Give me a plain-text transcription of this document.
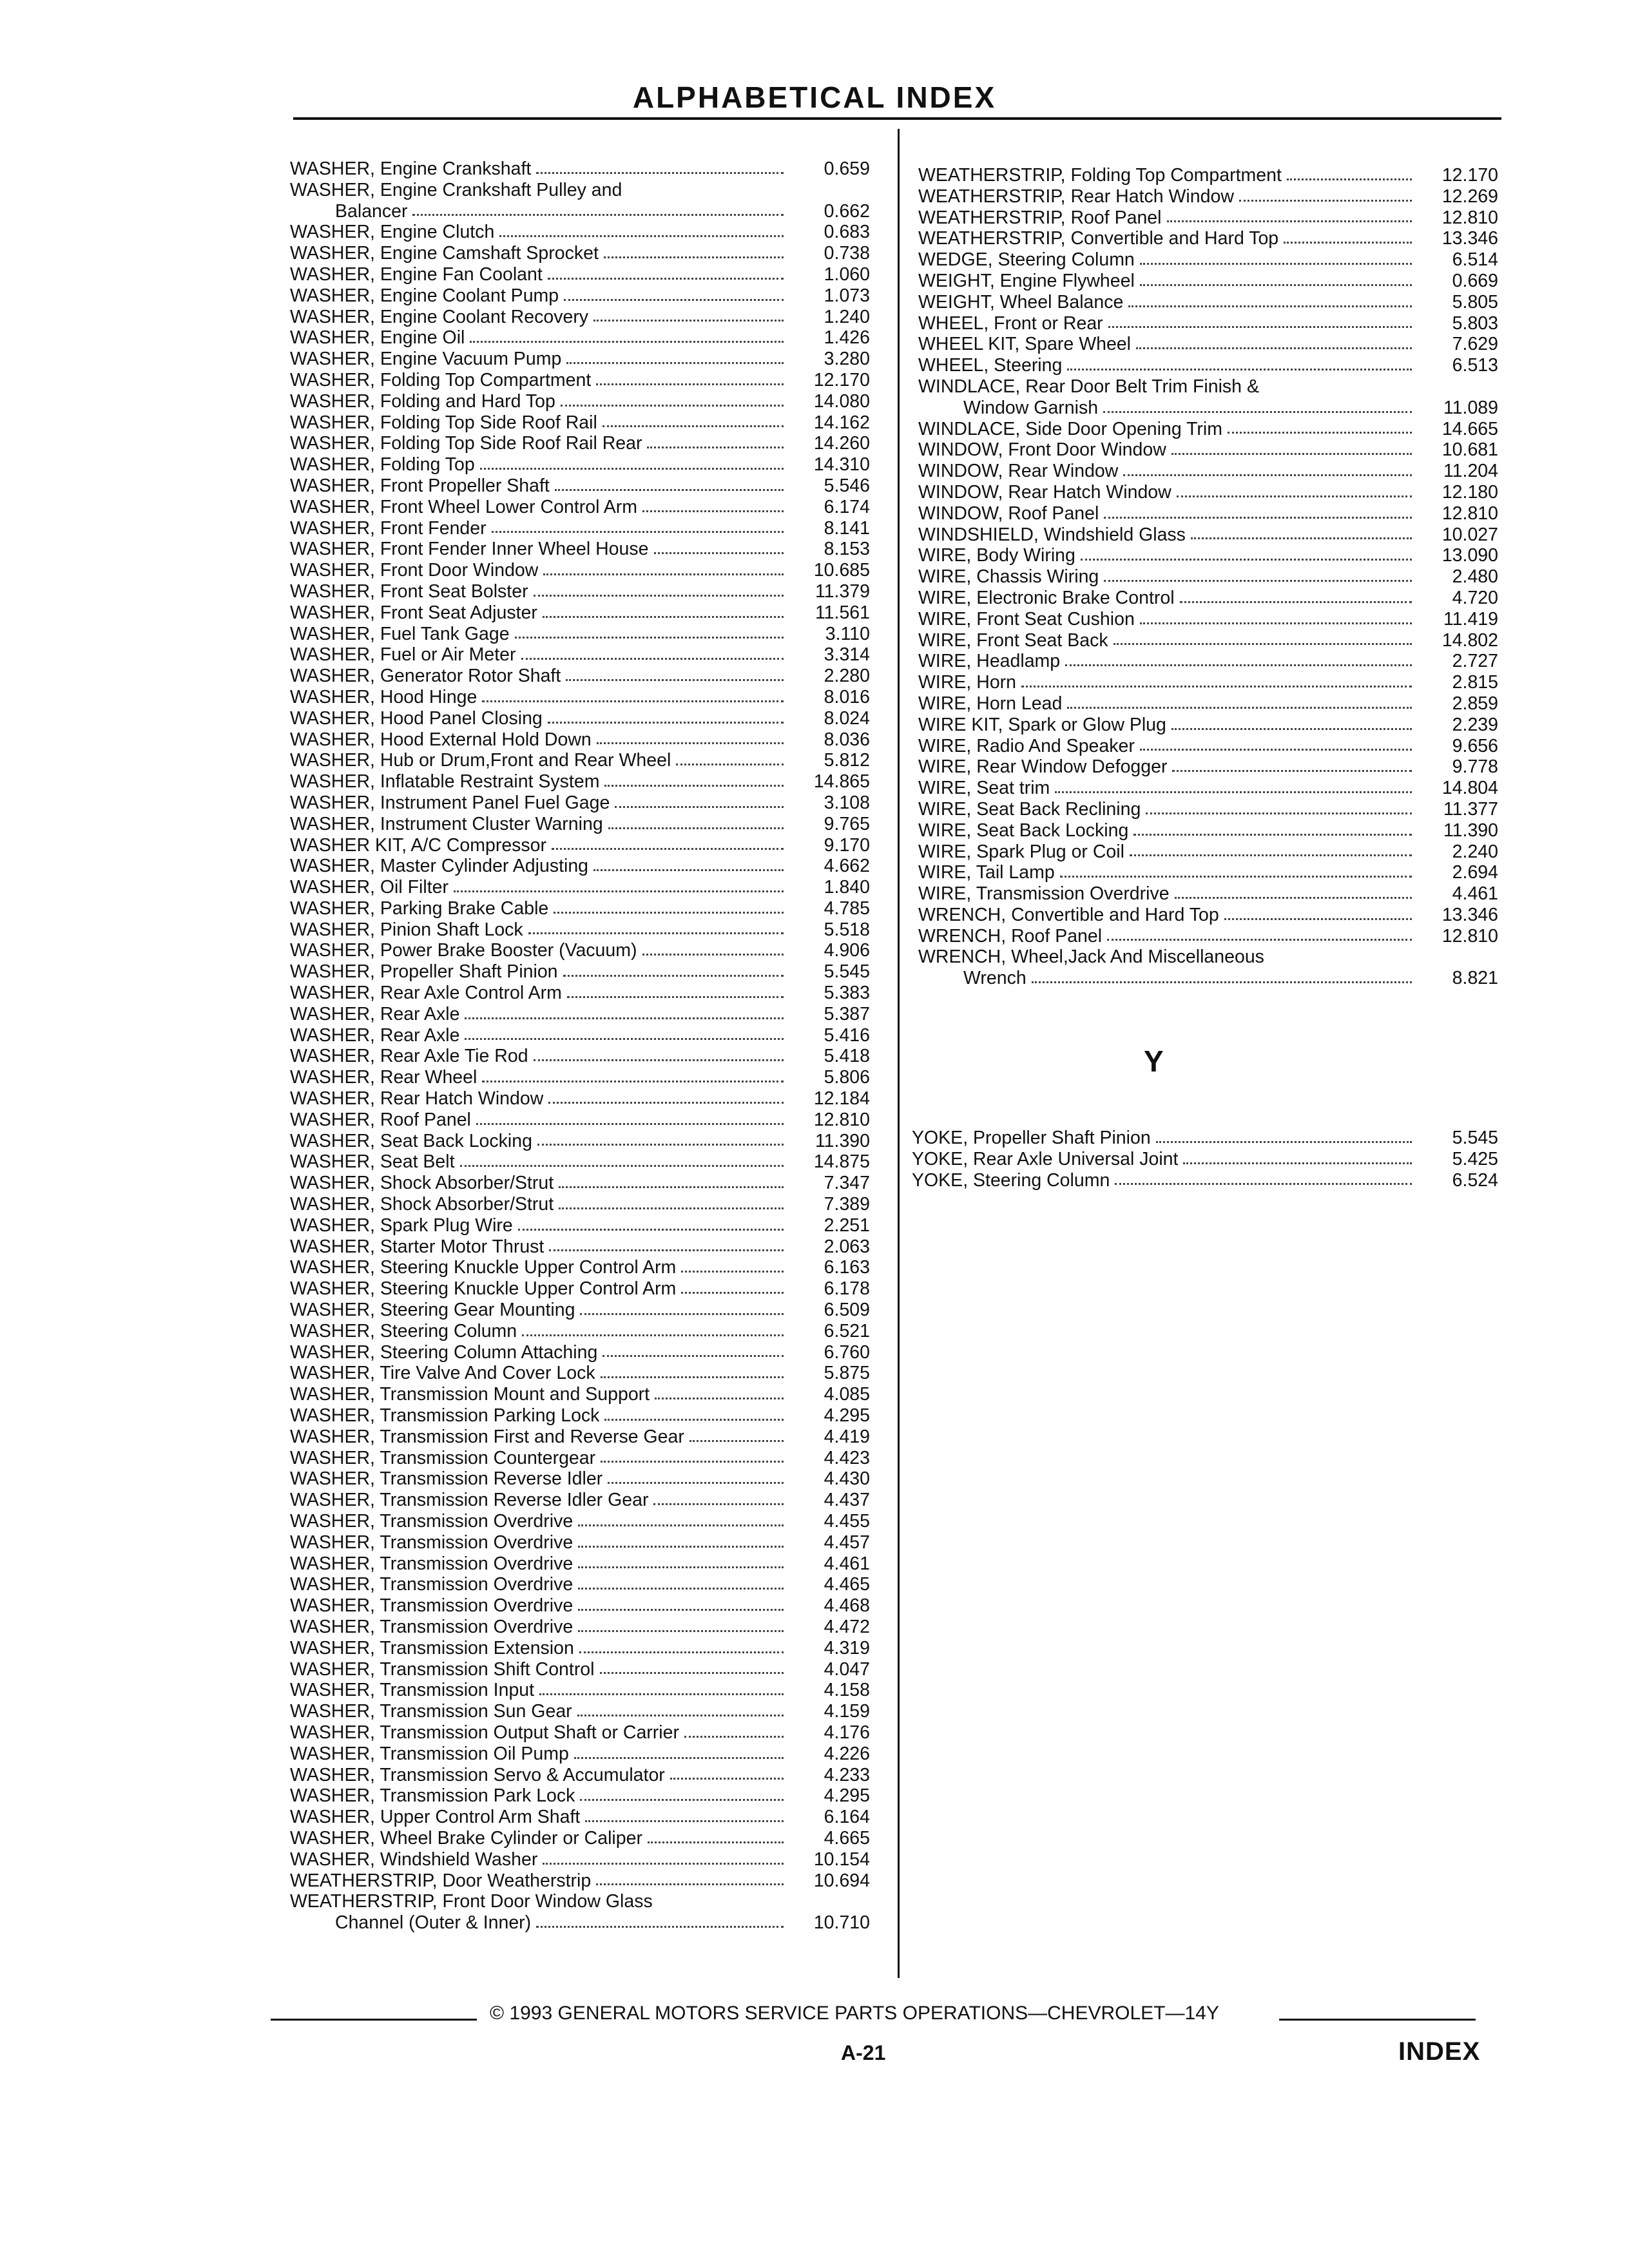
ALPHABETICAL INDEX
WASHER, Engine Crankshaft	0.659
WASHER, Engine Crankshaft Pulley and
Balancer	0.662
WASHER, Engine Clutch	0.683
WASHER, Engine Camshaft Sprocket	0.738
WASHER, Engine Fan Coolant	1.060
WASHER, Engine Coolant Pump	1.073
WASHER, Engine Coolant Recovery	1.240
WASHER, Engine Oil	1.426
WASHER, Engine Vacuum Pump	3.280
WASHER, Folding Top Compartment	12.170
WASHER, Folding and Hard Top	14.080
WASHER, Folding Top Side Roof Rail	14.162
WASHER, Folding Top Side Roof Rail Rear	14.260
WASHER, Folding Top	14.310
WASHER, Front Propeller Shaft	5.546
WASHER, Front Wheel Lower Control Arm	6.174
WASHER, Front Fender	8.141
WASHER, Front Fender Inner Wheel House	8.153
WASHER, Front Door Window	10.685
WASHER, Front Seat Bolster	11.379
WASHER, Front Seat Adjuster	11.561
WASHER, Fuel Tank Gage	3.110
WASHER, Fuel or Air Meter	3.314
WASHER, Generator Rotor Shaft	2.280
WASHER, Hood Hinge	8.016
WASHER, Hood Panel Closing	8.024
WASHER, Hood External Hold Down	8.036
WASHER, Hub or Drum,Front and Rear Wheel	5.812
WASHER, Inflatable Restraint System	14.865
WASHER, Instrument Panel Fuel Gage	3.108
WASHER, Instrument Cluster Warning	9.765
WASHER KIT, A/C Compressor	9.170
WASHER, Master Cylinder Adjusting	4.662
WASHER, Oil Filter	1.840
WASHER, Parking Brake Cable	4.785
WASHER, Pinion Shaft Lock	5.518
WASHER, Power Brake Booster (Vacuum)	4.906
WASHER, Propeller Shaft Pinion	5.545
WASHER, Rear Axle Control Arm	5.383
WASHER, Rear Axle	5.387
WASHER, Rear Axle	5.416
WASHER, Rear Axle Tie Rod	5.418
WASHER, Rear Wheel	5.806
WASHER, Rear Hatch Window	12.184
WASHER, Roof Panel	12.810
WASHER, Seat Back Locking	11.390
WASHER, Seat Belt	14.875
WASHER, Shock Absorber/Strut	7.347
WASHER, Shock Absorber/Strut	7.389
WASHER, Spark Plug Wire	2.251
WASHER, Starter Motor Thrust	2.063
WASHER, Steering Knuckle Upper Control Arm	6.163
WASHER, Steering Knuckle Upper Control Arm	6.178
WASHER, Steering Gear Mounting	6.509
WASHER, Steering Column	6.521
WASHER, Steering Column Attaching	6.760
WASHER, Tire Valve And Cover Lock	5.875
WASHER, Transmission Mount and Support	4.085
WASHER, Transmission Parking Lock	4.295
WASHER, Transmission First and Reverse Gear	4.419
WASHER, Transmission Countergear	4.423
WASHER, Transmission Reverse Idler	4.430
WASHER, Transmission Reverse Idler Gear	4.437
WASHER, Transmission Overdrive	4.455
WASHER, Transmission Overdrive	4.457
WASHER, Transmission Overdrive	4.461
WASHER, Transmission Overdrive	4.465
WASHER, Transmission Overdrive	4.468
WASHER, Transmission Overdrive	4.472
WASHER, Transmission Extension	4.319
WASHER, Transmission Shift Control	4.047
WASHER, Transmission Input	4.158
WASHER, Transmission Sun Gear	4.159
WASHER, Transmission Output Shaft or Carrier	4.176
WASHER, Transmission Oil Pump	4.226
WASHER, Transmission Servo & Accumulator	4.233
WASHER, Transmission Park Lock	4.295
WASHER, Upper Control Arm Shaft	6.164
WASHER, Wheel Brake Cylinder or Caliper	4.665
WASHER, Windshield Washer	10.154
WEATHERSTRIP, Door Weatherstrip	10.694
WEATHERSTRIP, Front Door Window Glass
Channel (Outer & Inner)	10.710
WEATHERSTRIP, Folding Top Compartment	12.170
WEATHERSTRIP, Rear Hatch Window	12.269
WEATHERSTRIP, Roof Panel	12.810
WEATHERSTRIP, Convertible and Hard Top	13.346
WEDGE, Steering Column	6.514
WEIGHT, Engine Flywheel	0.669
WEIGHT, Wheel Balance	5.805
WHEEL, Front or Rear	5.803
WHEEL KIT, Spare Wheel	7.629
WHEEL, Steering	6.513
WINDLACE, Rear Door Belt Trim Finish &
Window Garnish	11.089
WINDLACE, Side Door Opening Trim	14.665
WINDOW, Front Door Window	10.681
WINDOW, Rear Window	11.204
WINDOW, Rear Hatch Window	12.180
WINDOW, Roof Panel	12.810
WINDSHIELD, Windshield Glass	10.027
WIRE, Body Wiring	13.090
WIRE, Chassis Wiring	2.480
WIRE, Electronic Brake Control	4.720
WIRE, Front Seat Cushion	11.419
WIRE, Front Seat Back	14.802
WIRE, Headlamp	2.727
WIRE, Horn	2.815
WIRE, Horn Lead	2.859
WIRE KIT, Spark or Glow Plug	2.239
WIRE, Radio And Speaker	9.656
WIRE, Rear Window Defogger	9.778
WIRE, Seat trim	14.804
WIRE, Seat Back Reclining	11.377
WIRE, Seat Back Locking	11.390
WIRE, Spark Plug or Coil	2.240
WIRE, Tail Lamp	2.694
WIRE, Transmission Overdrive	4.461
WRENCH, Convertible and Hard Top	13.346
WRENCH, Roof Panel	12.810
WRENCH, Wheel,Jack And Miscellaneous
Wrench	8.821
Y
YOKE, Propeller Shaft Pinion	5.545
YOKE, Rear Axle Universal Joint	5.425
YOKE, Steering Column	6.524
© 1993 GENERAL MOTORS SERVICE PARTS OPERATIONS—CHEVROLET—14Y
A-21	INDEX
